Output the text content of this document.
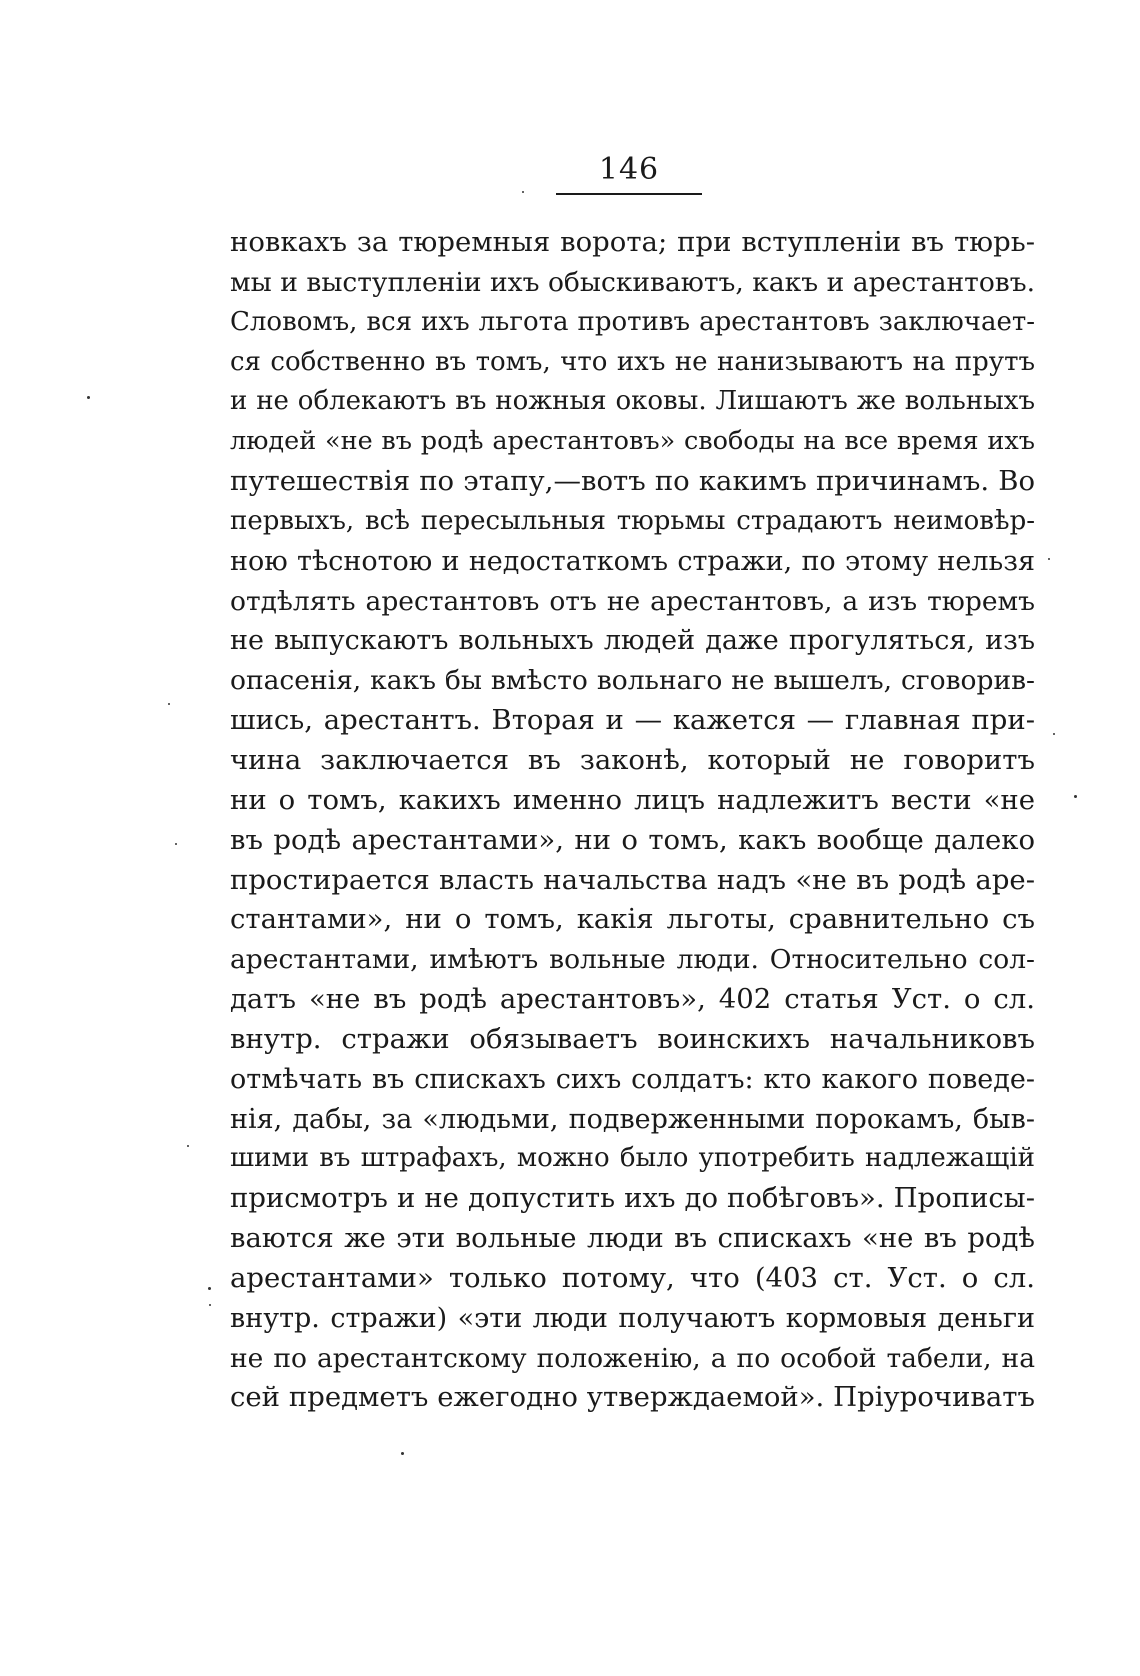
146
новкахъ за тюремныя ворота; при вступленіи въ тюрь-
мы и выступленіи ихъ обыскиваютъ, какъ и арестантовъ.
Словомъ, вся ихъ льгота противъ арестантовъ заключает-
ся собственно въ томъ, что ихъ не нанизываютъ на прутъ
и не облекаютъ въ ножныя оковы. Лишаютъ же вольныхъ
людей «не въ родѣ арестантовъ» свободы на все время ихъ
путешествія по этапу,—вотъ по какимъ причинамъ. Во
первыхъ, всѣ пересыльныя тюрьмы страдаютъ неимовѣр-
ною тѣснотою и недостаткомъ стражи, по этому нельзя
отдѣлять арестантовъ отъ не арестантовъ, а изъ тюремъ
не выпускаютъ вольныхъ людей даже прогуляться, изъ
опасенія, какъ бы вмѣсто вольнаго не вышелъ, сговорив-
шись, арестантъ. Вторая и — кажется — главная при-
чина заключается въ законѣ, который не говоритъ
ни о томъ, какихъ именно лицъ надлежитъ вести «не
въ родѣ арестантами», ни о томъ, какъ вообще далеко
простирается власть начальства надъ «не въ родѣ аре-
стантами», ни о томъ, какія льготы, сравнительно съ
арестантами, имѣютъ вольные люди. Относительно сол-
датъ «не въ родѣ арестантовъ», 402 статья Уст. о сл.
внутр. стражи обязываетъ воинскихъ начальниковъ
отмѣчать въ спискахъ сихъ солдатъ: кто какого поведе-
нія, дабы, за «людьми, подверженными порокамъ, быв-
шими въ штрафахъ, можно было употребить надлежащій
присмотръ и не допустить ихъ до побѣговъ». Прописы-
ваются же эти вольные люди въ спискахъ «не въ родѣ
арестантами» только потому, что (403 ст. Уст. о сл.
внутр. стражи) «эти люди получаютъ кормовыя деньги
не по арестантскому положенію, а по особой табели, на
сей предметъ ежегодно утверждаемой». Пріурочиватъ
